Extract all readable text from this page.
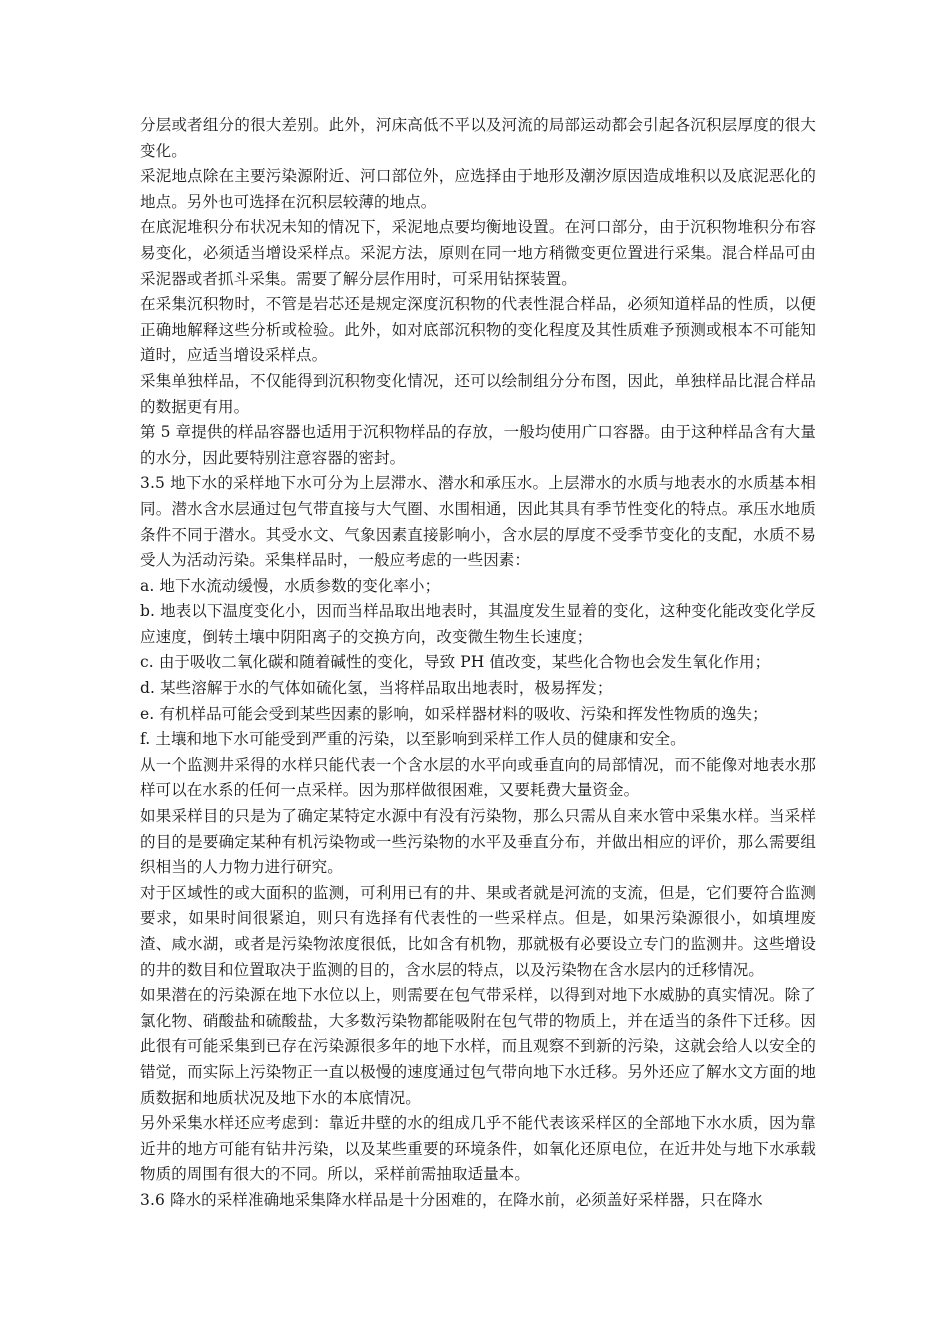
分层或者组分的很大差别。此外，河床高低不平以及河流的局部运动都会引起各沉积层厚度的很大变化。

采泥地点除在主要污染源附近、河口部位外，应选择由于地形及潮汐原因造成堆积以及底泥恶化的地点。另外也可选择在沉积层较薄的地点。

在底泥堆积分布状况未知的情况下，采泥地点要均衡地设置。在河口部分，由于沉积物堆积分布容易变化，必须适当增设采样点。采泥方法，原则在同一地方稍微变更位置进行采集。混合样品可由采泥器或者抓斗采集。需要了解分层作用时，可采用钻探装置。

在采集沉积物时，不管是岩芯还是规定深度沉积物的代表性混合样品，必须知道样品的性质，以便正确地解释这些分析或检验。此外，如对底部沉积物的变化程度及其性质难予预测或根本不可能知道时，应适当增设采样点。

采集单独样品，不仅能得到沉积物变化情况，还可以绘制组分分布图，因此，单独样品比混合样品的数据更有用。

第 5 章提供的样品容器也适用于沉积物样品的存放，一般均使用广口容器。由于这种样品含有大量的水分，因此要特别注意容器的密封。

3.5 地下水的采样地下水可分为上层滞水、潜水和承压水。上层滞水的水质与地表水的水质基本相同。潜水含水层通过包气带直接与大气圈、水围相通，因此其具有季节性变化的特点。承压水地质条件不同于潜水。其受水文、气象因素直接影响小，含水层的厚度不受季节变化的支配，水质不易受人为活动污染。采集样品时，一般应考虑的一些因素：

a. 地下水流动缓慢，水质参数的变化率小；

b. 地表以下温度变化小，因而当样品取出地表时，其温度发生显着的变化，这种变化能改变化学反应速度，倒转土壤中阴阳离子的交换方向，改变微生物生长速度；

c. 由于吸收二氧化碳和随着碱性的变化，导致 PH 值改变，某些化合物也会发生氧化作用；

d. 某些溶解于水的气体如硫化氢，当将样品取出地表时，极易挥发；

e. 有机样品可能会受到某些因素的影响，如采样器材料的吸收、污染和挥发性物质的逸失；

f. 土壤和地下水可能受到严重的污染，以至影响到采样工作人员的健康和安全。

从一个监测井采得的水样只能代表一个含水层的水平向或垂直向的局部情况，而不能像对地表水那样可以在水系的任何一点采样。因为那样做很困难，又要耗费大量资金。

如果采样目的只是为了确定某特定水源中有没有污染物，那么只需从自来水管中采集水样。当采样的目的是要确定某种有机污染物或一些污染物的水平及垂直分布，并做出相应的评价，那么需要组织相当的人力物力进行研究。

对于区域性的或大面积的监测，可利用已有的井、果或者就是河流的支流，但是，它们要符合监测要求，如果时间很紧迫，则只有选择有代表性的一些采样点。但是，如果污染源很小，如填埋废渣、咸水湖，或者是污染物浓度很低，比如含有机物，那就极有必要设立专门的监测井。这些增设的井的数目和位置取决于监测的目的，含水层的特点，以及污染物在含水层内的迁移情况。

如果潜在的污染源在地下水位以上，则需要在包气带采样，以得到对地下水威胁的真实情况。除了氯化物、硝酸盐和硫酸盐，大多数污染物都能吸附在包气带的物质上，并在适当的条件下迁移。因此很有可能采集到已存在污染源很多年的地下水样，而且观察不到新的污染，这就会给人以安全的错觉，而实际上污染物正一直以极慢的速度通过包气带向地下水迁移。另外还应了解水文方面的地质数据和地质状况及地下水的本底情况。

另外采集水样还应考虑到：靠近井壁的水的组成几乎不能代表该采样区的全部地下水水质，因为靠近井的地方可能有钻井污染，以及某些重要的环境条件，如氧化还原电位，在近井处与地下水承载物质的周围有很大的不同。所以，采样前需抽取适量本。

3.6 降水的采样准确地采集降水样品是十分困难的，在降水前，必须盖好采样器，只在降水
